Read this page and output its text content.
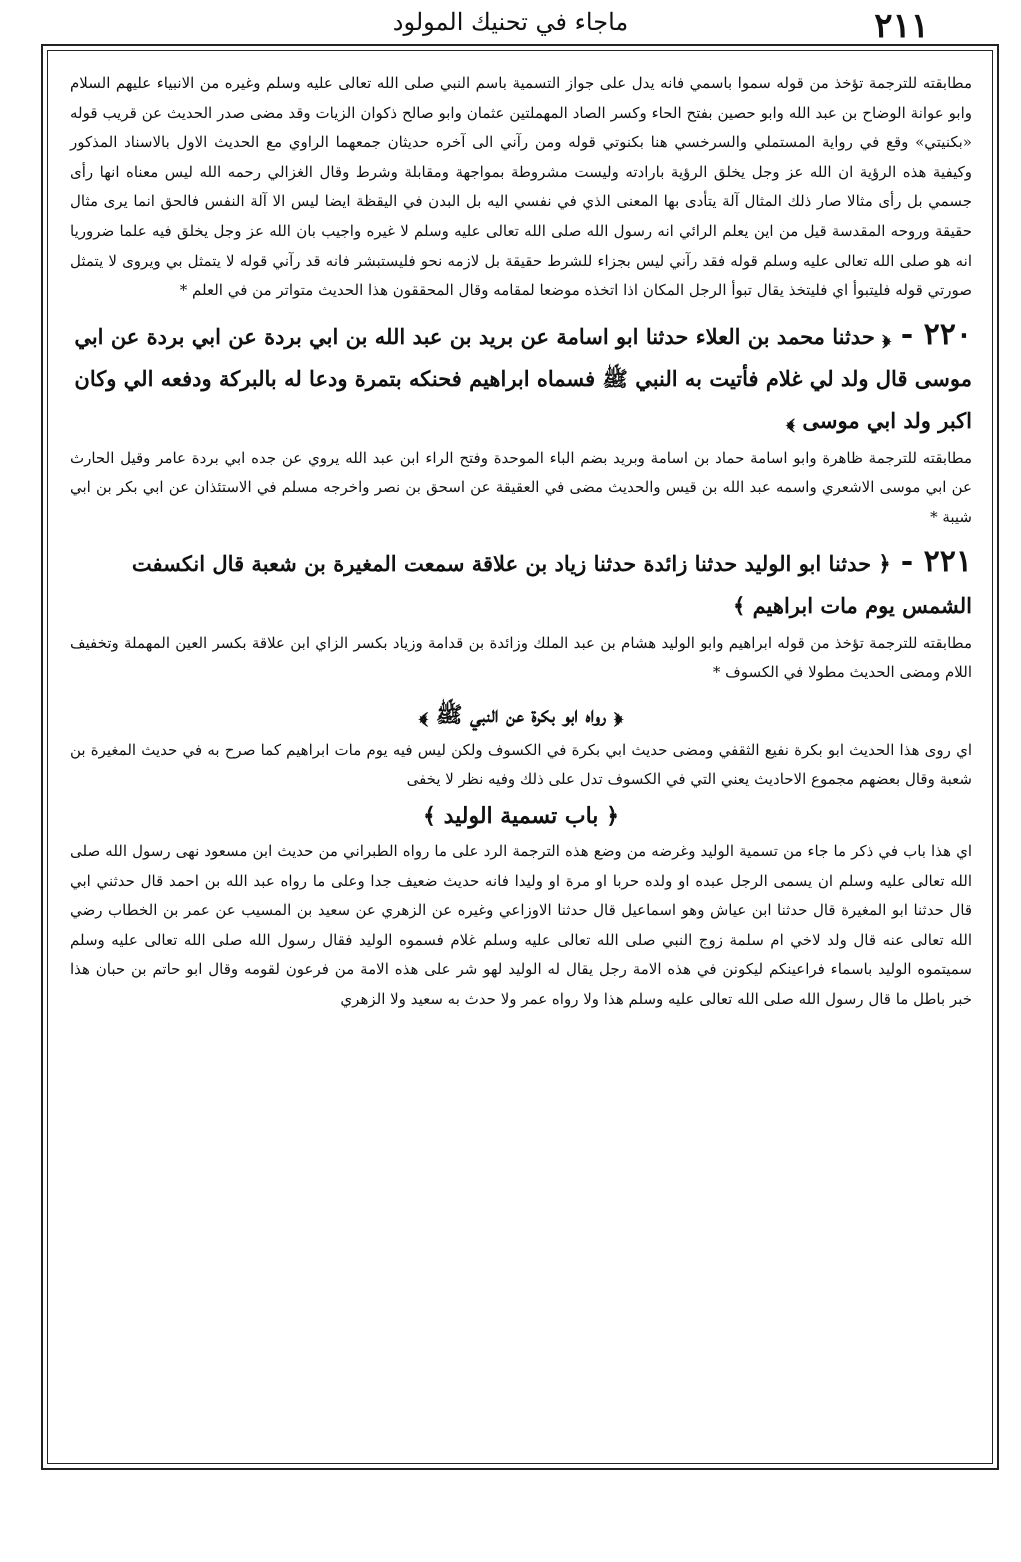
٢١١
ماجاء في تحنيك المولود

مطابقته للترجمة تؤخذ من قوله سموا باسمي فانه يدل على جواز التسمية باسم النبي صلى الله تعالى عليه وسلم وغيره من الانبياء عليهم السلام وابو عوانة الوضاح بن عبد الله وابو حصين بفتح الحاء وكسر الصاد المهملتين عثمان وابو صالح ذكوان الزيات وقد مضى صدر الحديث عن قريب قوله «بكنيتي» وقع في رواية المستملي والسرخسي هنا بكنوتي قوله ومن رآني الى آخره حديثان جمعهما الراوي مع الحديث الاول بالاسناد المذكور وكيفية هذه الرؤية ان الله عز وجل يخلق الرؤية بارادته وليست مشروطة بمواجهة ومقابلة وشرط وقال الغزالي رحمه الله ليس معناه انها رأى جسمي بل رأى مثالا صار ذلك المثال آلة يتأدى بها المعنى الذي في نفسي اليه بل البدن في اليقظة ايضا ليس الا آلة النفس فالحق انما يرى مثال حقيقة وروحه المقدسة قيل من اين يعلم الرائي انه رسول الله صلى الله تعالى عليه وسلم لا غيره واجيب بان الله عز وجل يخلق فيه علما ضروريا انه هو صلى الله تعالى عليه وسلم قوله فقد رآني ليس بجزاء للشرط حقيقة بل لازمه نحو فليستبشر فانه قد رآني قوله لا يتمثل بي ويروى لا يتمثل صورتي قوله فليتبوأ اي فليتخذ يقال تبوأ الرجل المكان اذا اتخذه موضعا لمقامه وقال المحققون هذا الحديث متواتر من في العلم *

٢٢٠ -﴿ حدثنا محمد بن العلاء حدثنا ابو اسامة عن بريد بن عبد الله بن ابي بردة عن ابي بردة عن ابي موسى قال ولد لي غلام فأتيت به النبي ﷺ فسماه ابراهيم فحنكه بتمرة ودعا له بالبركة ودفعه الي وكان اكبر ولد ابي موسى ﴾

مطابقته للترجمة ظاهرة وابو اسامة حماد بن اسامة وبريد بضم الباء الموحدة وفتح الراء ابن عبد الله يروي عن جده ابي بردة عامر وقيل الحارث عن ابي موسى الاشعري واسمه عبد الله بن قيس والحديث مضى في العقيقة عن اسحق بن نصر واخرجه مسلم في الاستئذان عن ابي بكر بن ابي شيبة *

٢٢١ -﴿ حدثنا ابو الوليد حدثنا زائدة حدثنا زياد بن علاقة سمعت المغيرة بن شعبة قال انكسفت الشمس يوم مات ابراهيم ﴾

مطابقته للترجمة تؤخذ من قوله ابراهيم وابو الوليد هشام بن عبد الملك وزائدة بن قدامة وزياد بكسر الزاي ابن علاقة بكسر العين المهملة وتخفيف اللام ومضى الحديث مطولا في الكسوف *

﴿ رواه ابو بكرة عن النبي ﷺ ﴾

اي روى هذا الحديث ابو بكرة نفيع الثقفي ومضى حديث ابي بكرة في الكسوف ولكن ليس فيه يوم مات ابراهيم كما صرح به في حديث المغيرة بن شعبة وقال بعضهم مجموع الاحاديث يعني التي في الكسوف تدل على ذلك وفيه نظر لا يخفى

﴿ باب تسمية الوليد ﴾

اي هذا باب في ذكر ما جاء من تسمية الوليد وغرضه من وضع هذه الترجمة الرد على ما رواه الطبراني من حديث ابن مسعود نهى رسول الله صلى الله تعالى عليه وسلم ان يسمى الرجل عبده او ولده حربا او مرة او وليدا فانه حديث ضعيف جدا وعلى ما رواه عبد الله بن احمد قال حدثني ابي قال حدثنا ابو المغيرة قال حدثنا ابن عياش وهو اسماعيل قال حدثنا الاوزاعي وغيره عن الزهري عن سعيد بن المسيب عن عمر بن الخطاب رضي الله تعالى عنه قال ولد لاخي ام سلمة زوج النبي صلى الله تعالى عليه وسلم غلام فسموه الوليد فقال رسول الله صلى الله تعالى عليه وسلم سميتموه الوليد باسماء فراعينكم ليكونن في هذه الامة رجل يقال له الوليد لهو شر على هذه الامة من فرعون لقومه وقال ابو حاتم بن حبان هذا خبر باطل ما قال رسول الله صلى الله تعالى عليه وسلم هذا ولا رواه عمر ولا حدث به سعيد ولا الزهري
